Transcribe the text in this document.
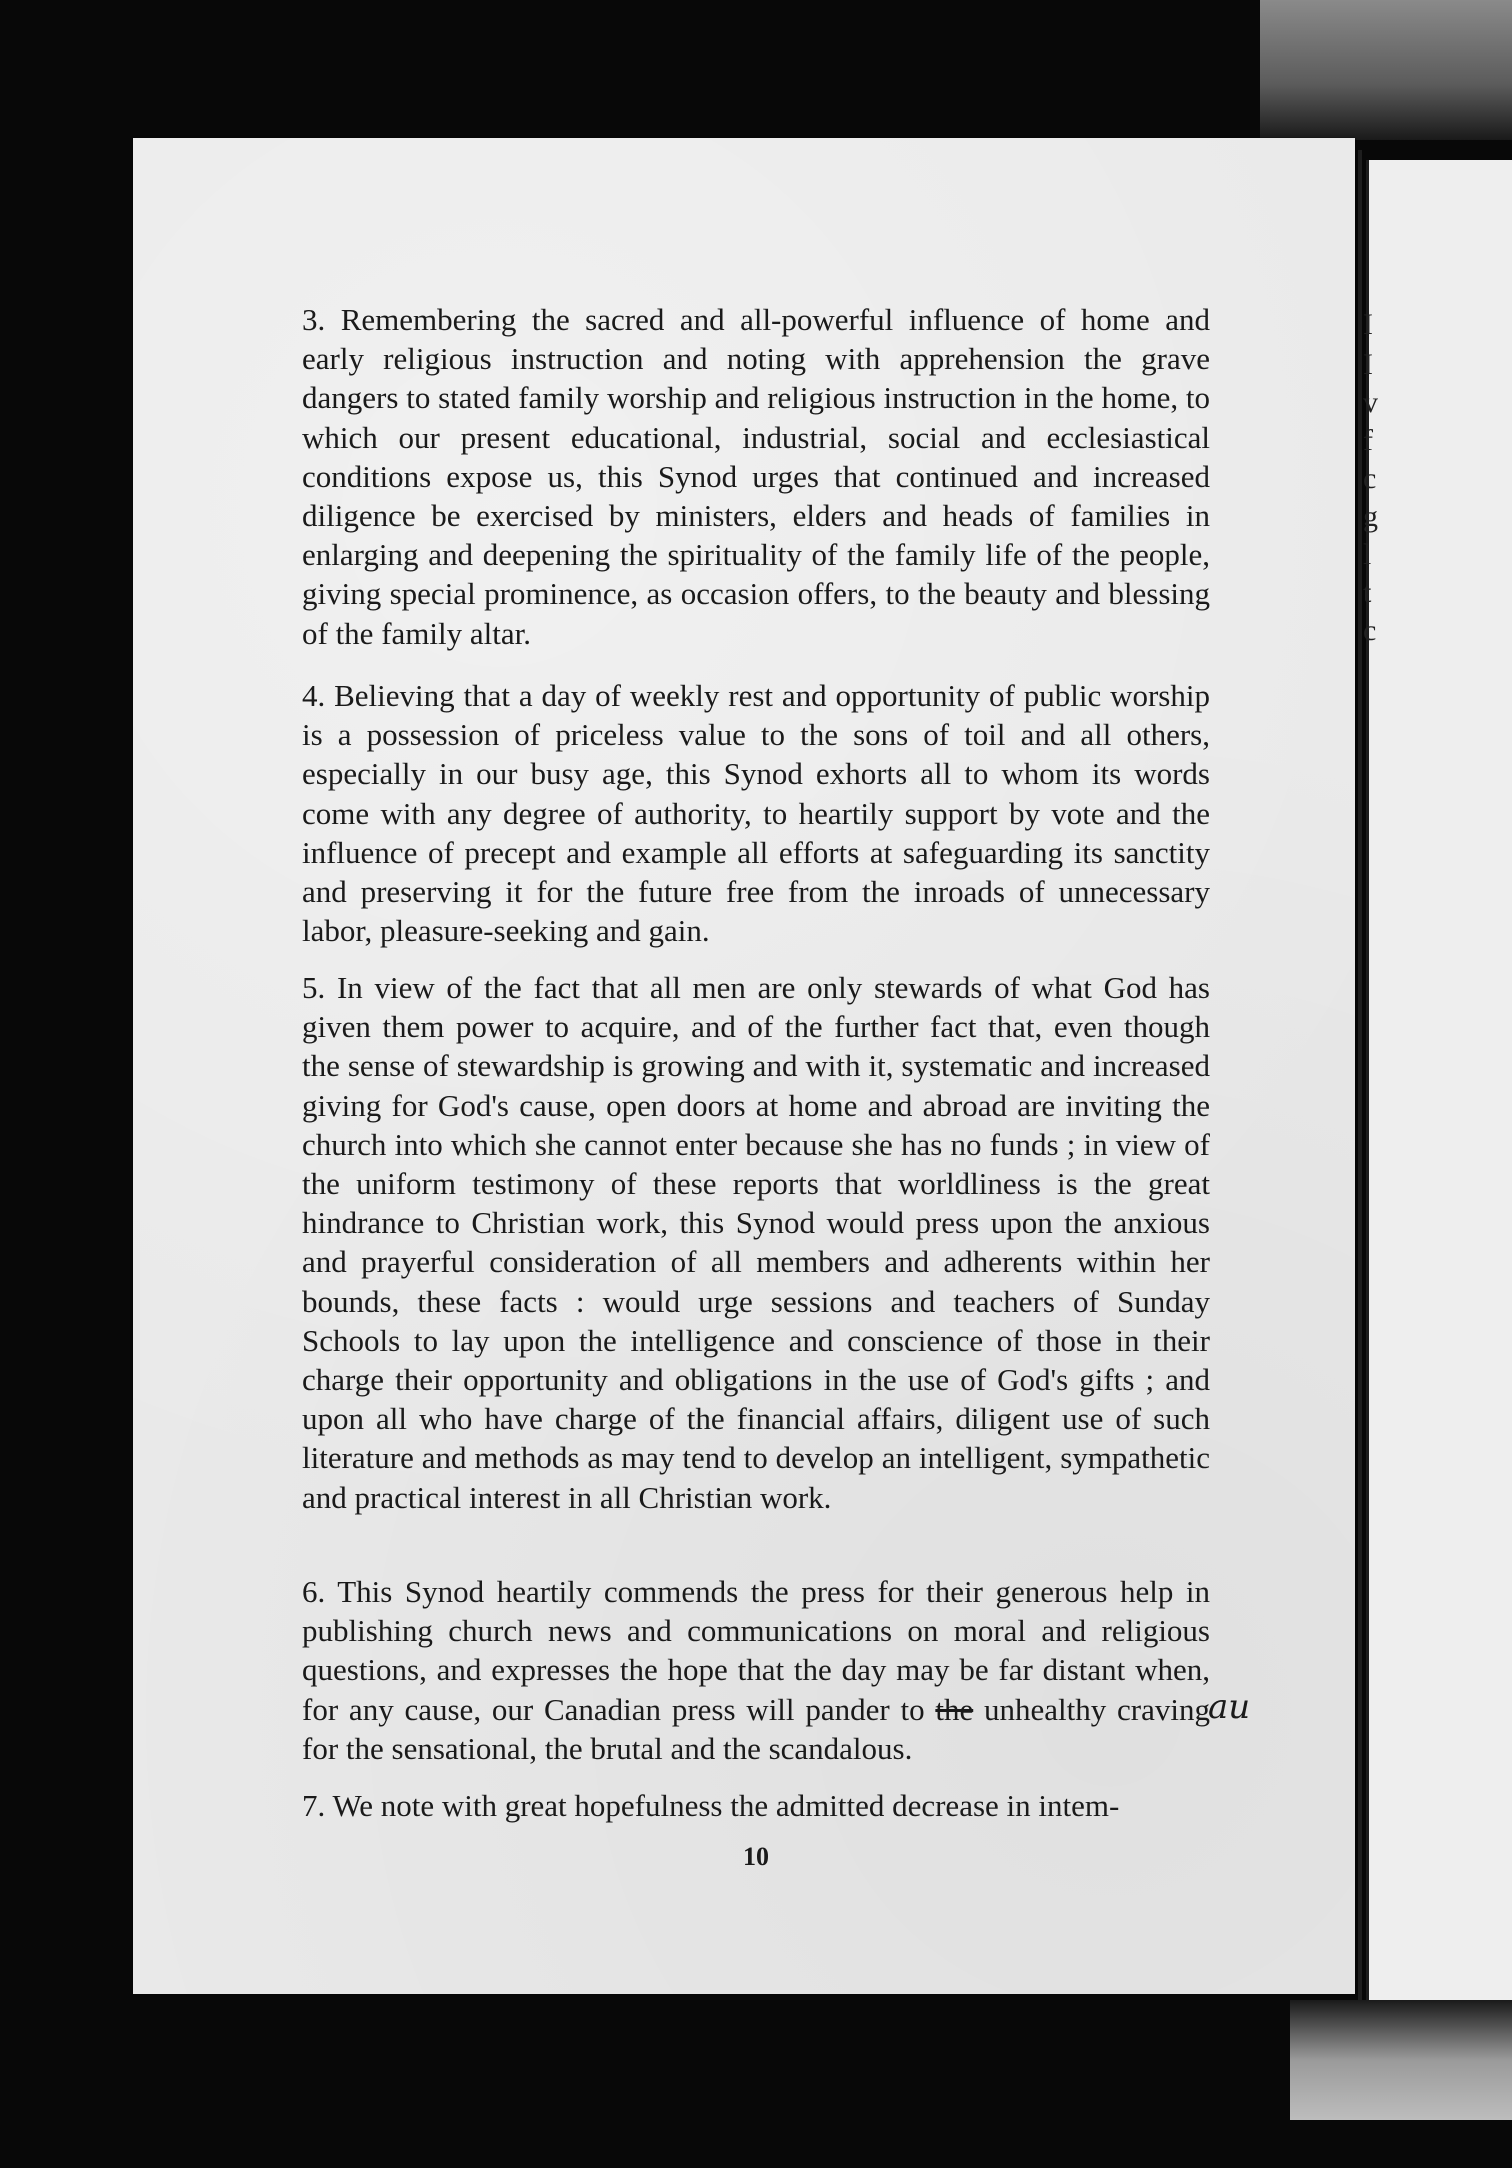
I
I
v
f
c
g
l
t
c

3. Remembering the sacred and all-powerful influence of home and early religious instruction and noting with apprehension the grave dangers to stated family worship and religious instruction in the home, to which our present educational, industrial, social and ecclesiastical conditions expose us, this Synod urges that continued and increased diligence be exercised by ministers, elders and heads of families in enlarging and deepening the spirituality of the family life of the people, giving special prominence, as occasion offers, to the beauty and blessing of the family altar.

4. Believing that a day of weekly rest and opportunity of public worship is a possession of priceless value to the sons of toil and all others, especially in our busy age, this Synod exhorts all to whom its words come with any degree of authority, to heartily support by vote and the influence of precept and example all efforts at safeguarding its sanctity and preserving it for the future free from the inroads of unnecessary labor, pleasure-seeking and gain.

5. In view of the fact that all men are only stewards of what God has given them power to acquire, and of the further fact that, even though the sense of stewardship is growing and with it, systematic and increased giving for God's cause, open doors at home and abroad are inviting the church into which she cannot enter because she has no funds ; in view of the uniform testimony of these reports that worldliness is the great hindrance to Christian work, this Synod would press upon the anxious and prayerful consideration of all members and adherents within her bounds, these facts : would urge sessions and teachers of Sunday Schools to lay upon the intelligence and conscience of those in their charge their opportunity and obligations in the use of God's gifts ; and upon all who have charge of the financial affairs, diligent use of such literature and methods as may tend to develop an intelligent, sympathetic and practical interest in all Christian work.

6. This Synod heartily commends the press for their generous help in publishing church news and communications on moral and religious questions, and expresses the hope that the day may be far distant when, for any cause, our Canadian press will pander to the unhealthy craving for the sensational, the brutal and the scandalous.

7. We note with great hopefulness the admitted decrease in intem-

au
10
